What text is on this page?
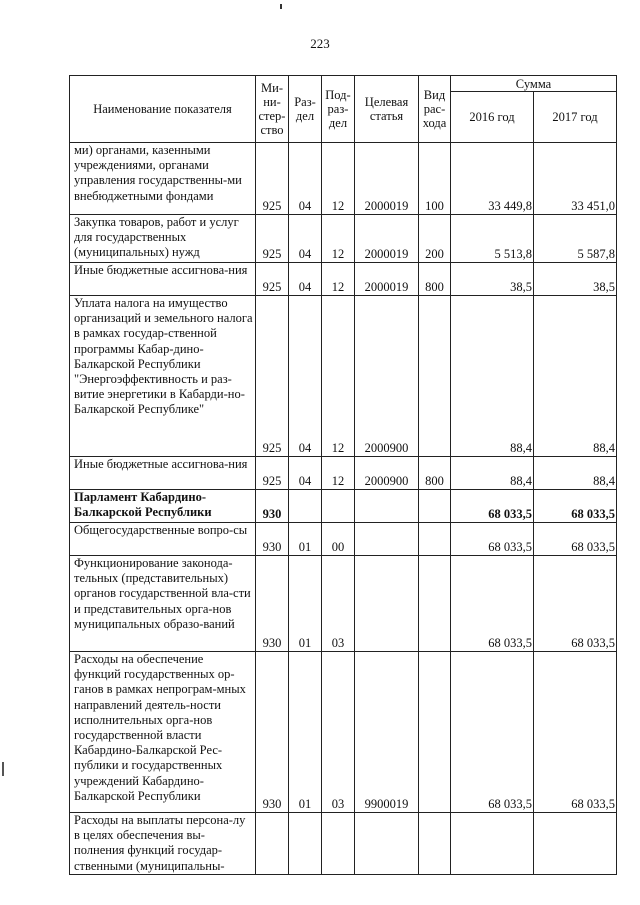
223
Наименование показателя	Ми-ни-стер-ство	Раз-дел	Под-раз-дел	Целевая статья	Вид рас-хода	Сумма	
						2016 год	2017 год
ми) органами, казенными учреждениями, органами управления государственны-ми внебюджетными фондами	925	04	12	2000019	100	33 449,8	33 451,0
Закупка товаров, работ и услуг для государственных (муниципальных) нужд	925	04	12	2000019	200	5 513,8	5 587,8
Иные бюджетные ассигнова-ния	925	04	12	2000019	800	38,5	38,5
Уплата налога на имущество организаций и земельного налога в рамках государ-ственной программы Кабар-дино-Балкарской Республики "Энергоэффективность и раз-витие энергетики в Кабарди-но-Балкарской Республике"	925	04	12	2000900		88,4	88,4
Иные бюджетные ассигнова-ния	925	04	12	2000900	800	88,4	88,4
Парламент Кабардино-Балкарской Республики	930					68 033,5	68 033,5
Общегосударственные вопро-сы	930	01	00			68 033,5	68 033,5
Функционирование законода-тельных (представительных) органов государственной вла-сти и представительных орга-нов муниципальных образо-ваний	930	01	03			68 033,5	68 033,5
Расходы на обеспечение функций государственных ор-ганов в рамках непрограм-мных направлений деятель-ности исполнительных орга-нов государственной власти Кабардино-Балкарской Рес-публики и государственных учреждений Кабардино-Балкарской Республики	930	01	03	9900019		68 033,5	68 033,5
Расходы на выплаты персона-лу в целях обеспечения вы-полнения функций государ-ственными (муниципальны-							
